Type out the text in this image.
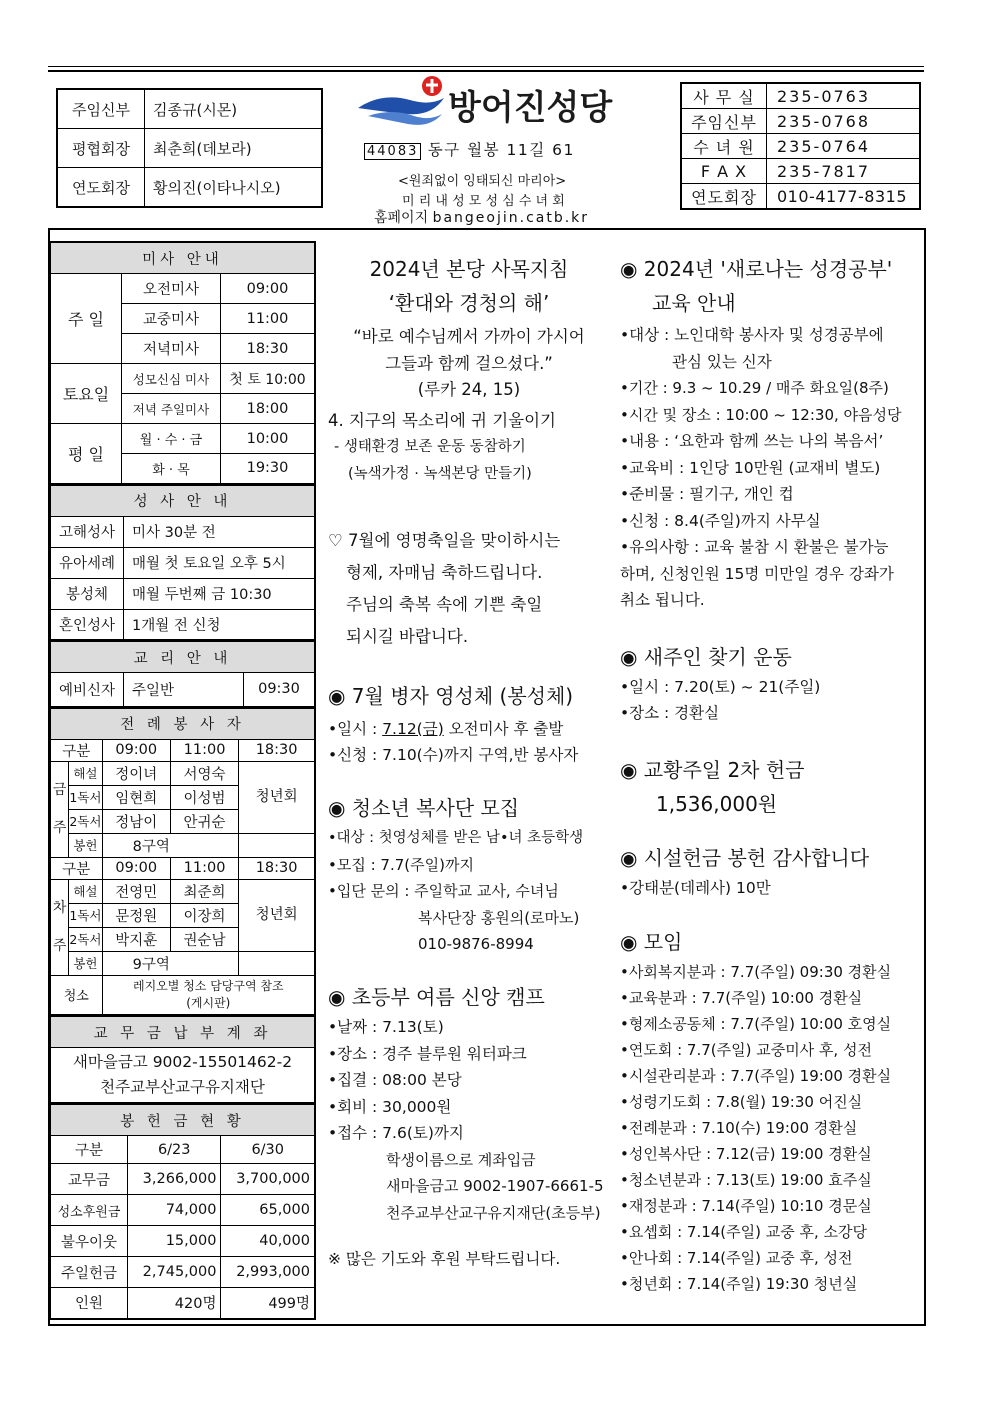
주임신부	김종규(시몬)
평협회장	최춘희(데보라)
연도회장	황의진(이타나시오)
방어진성당
44083 동구 월봉 11길 61
<원죄없이 잉태되신 마리아>
미 리 내 성 모 성 심 수 녀 회
홈페이지 bangeojin.catb.kr
사 무 실	235-0763
주임신부	235-0768
수 녀 원	235-0764
F A X	235-7817
연도회장	010-4177-8315
미사 안내		
주 일	오전미사	09:00
	교중미사	11:00
	저녁미사	18:30
토요일	성모신심 미사	첫 토 10:00
	저녁 주일미사	18:00
평 일	월 · 수 · 금	10:00
	화 · 목	19:30
성 사 안 내	
고해성사	미사 30분 전
유아세례	매월 첫 토요일 오후 5시
봉성체	매월 두번째 금 10:30
혼인성사	1개월 전 신청
교 리 안 내
예비신자	주일반	09:30
전 례 봉 사 자				
구분		09:00	11:00	18:30
금주	해설	정이녀	서영숙	청년회
	1독서	임현희	이성범	
	2독서	정남이	안귀순	
	봉헌	8구역		
구분		09:00	11:00	18:30
차주	해설	전영민	최준희	청년회
	1독서	문정원	이장희	
	2독서	박지훈	권순남	
	봉헌	9구역		
청소		레지오별 청소 담당구역 참조
(게시판)		
교 무 금 납 부 계 좌
새마을금고 9002-15501462-2
천주교부산교구유지재단
봉 헌 금 현 황		
구분	6/23	6/30
교무금	3,266,000	3,700,000
성소후원금	74,000	65,000
불우이웃	15,000	40,000
주일헌금	2,745,000	2,993,000
인원	420명	499명

2024년 본당 사목지침

‘환대와 경청의 해’

“바로 예수님께서 가까이 가시어

그들과 함께 걸으셨다.”

(루카 24, 15)

4. 지구의 목소리에 귀 기울이기

- 생태환경 보존 운동 동참하기

(녹색가정 · 녹색본당 만들기)

♡ 7월에 영명축일을 맞이하시는

형제, 자매님 축하드립니다.

주님의 축복 속에 기쁜 축일

되시길 바랍니다.

◉ 7월 병자 영성체 (봉성체)

•일시 : 7.12(금) 오전미사 후 출발

•신청 : 7.10(수)까지 구역,반 봉사자

◉ 청소년 복사단 모집

•대상 : 첫영성체를 받은 남•녀 초등학생

•모집 : 7.7(주일)까지

•입단 문의 : 주일학교 교사, 수녀님

복사단장 홍원의(로마노)

010-9876-8994

◉ 초등부 여름 신앙 캠프

•날짜 : 7.13(토)

•장소 : 경주 블루원 워터파크

•집결 : 08:00 본당

•회비 : 30,000원

•접수 : 7.6(토)까지

학생이름으로 계좌입금

새마을금고 9002-1907-6661-5

천주교부산교구유지재단(초등부)

※ 많은 기도와 후원 부탁드립니다.

◉ 2024년 '새로나는 성경공부'

교육 안내

•대상 : 노인대학 봉사자 및 성경공부에

관심 있는 신자

•기간 : 9.3 ~ 10.29 / 매주 화요일(8주)

•시간 및 장소 : 10:00 ~ 12:30, 야음성당

•내용 : ‘요한과 함께 쓰는 나의 복음서’

•교육비 : 1인당 10만원 (교재비 별도)

•준비물 : 필기구, 개인 컵

•신청 : 8.4(주일)까지 사무실

•유의사항 : 교육 불참 시 환불은 불가능

하며, 신청인원 15명 미만일 경우 강좌가

취소 됩니다.

◉ 새주인 찾기 운동

•일시 : 7.20(토) ~ 21(주일)

•장소 : 경환실

◉ 교황주일 2차 헌금

1,536,000원

◉ 시설헌금 봉헌 감사합니다

•강태분(데레사) 10만

◉ 모임

•사회복지분과 : 7.7(주일) 09:30 경환실

•교육분과 : 7.7(주일) 10:00 경환실

•형제소공동체 : 7.7(주일) 10:00 호영실

•연도회 : 7.7(주일) 교중미사 후, 성전

•시설관리분과 : 7.7(주일) 19:00 경환실

•성령기도회 : 7.8(월) 19:30 어진실

•전례분과 : 7.10(수) 19:00 경환실

•성인복사단 : 7.12(금) 19:00 경환실

•청소년분과 : 7.13(토) 19:00 효주실

•재정분과 : 7.14(주일) 10:10 경문실

•요셉회 : 7.14(주일) 교중 후, 소강당

•안나회 : 7.14(주일) 교중 후, 성전

•청년회 : 7.14(주일) 19:30 청년실
